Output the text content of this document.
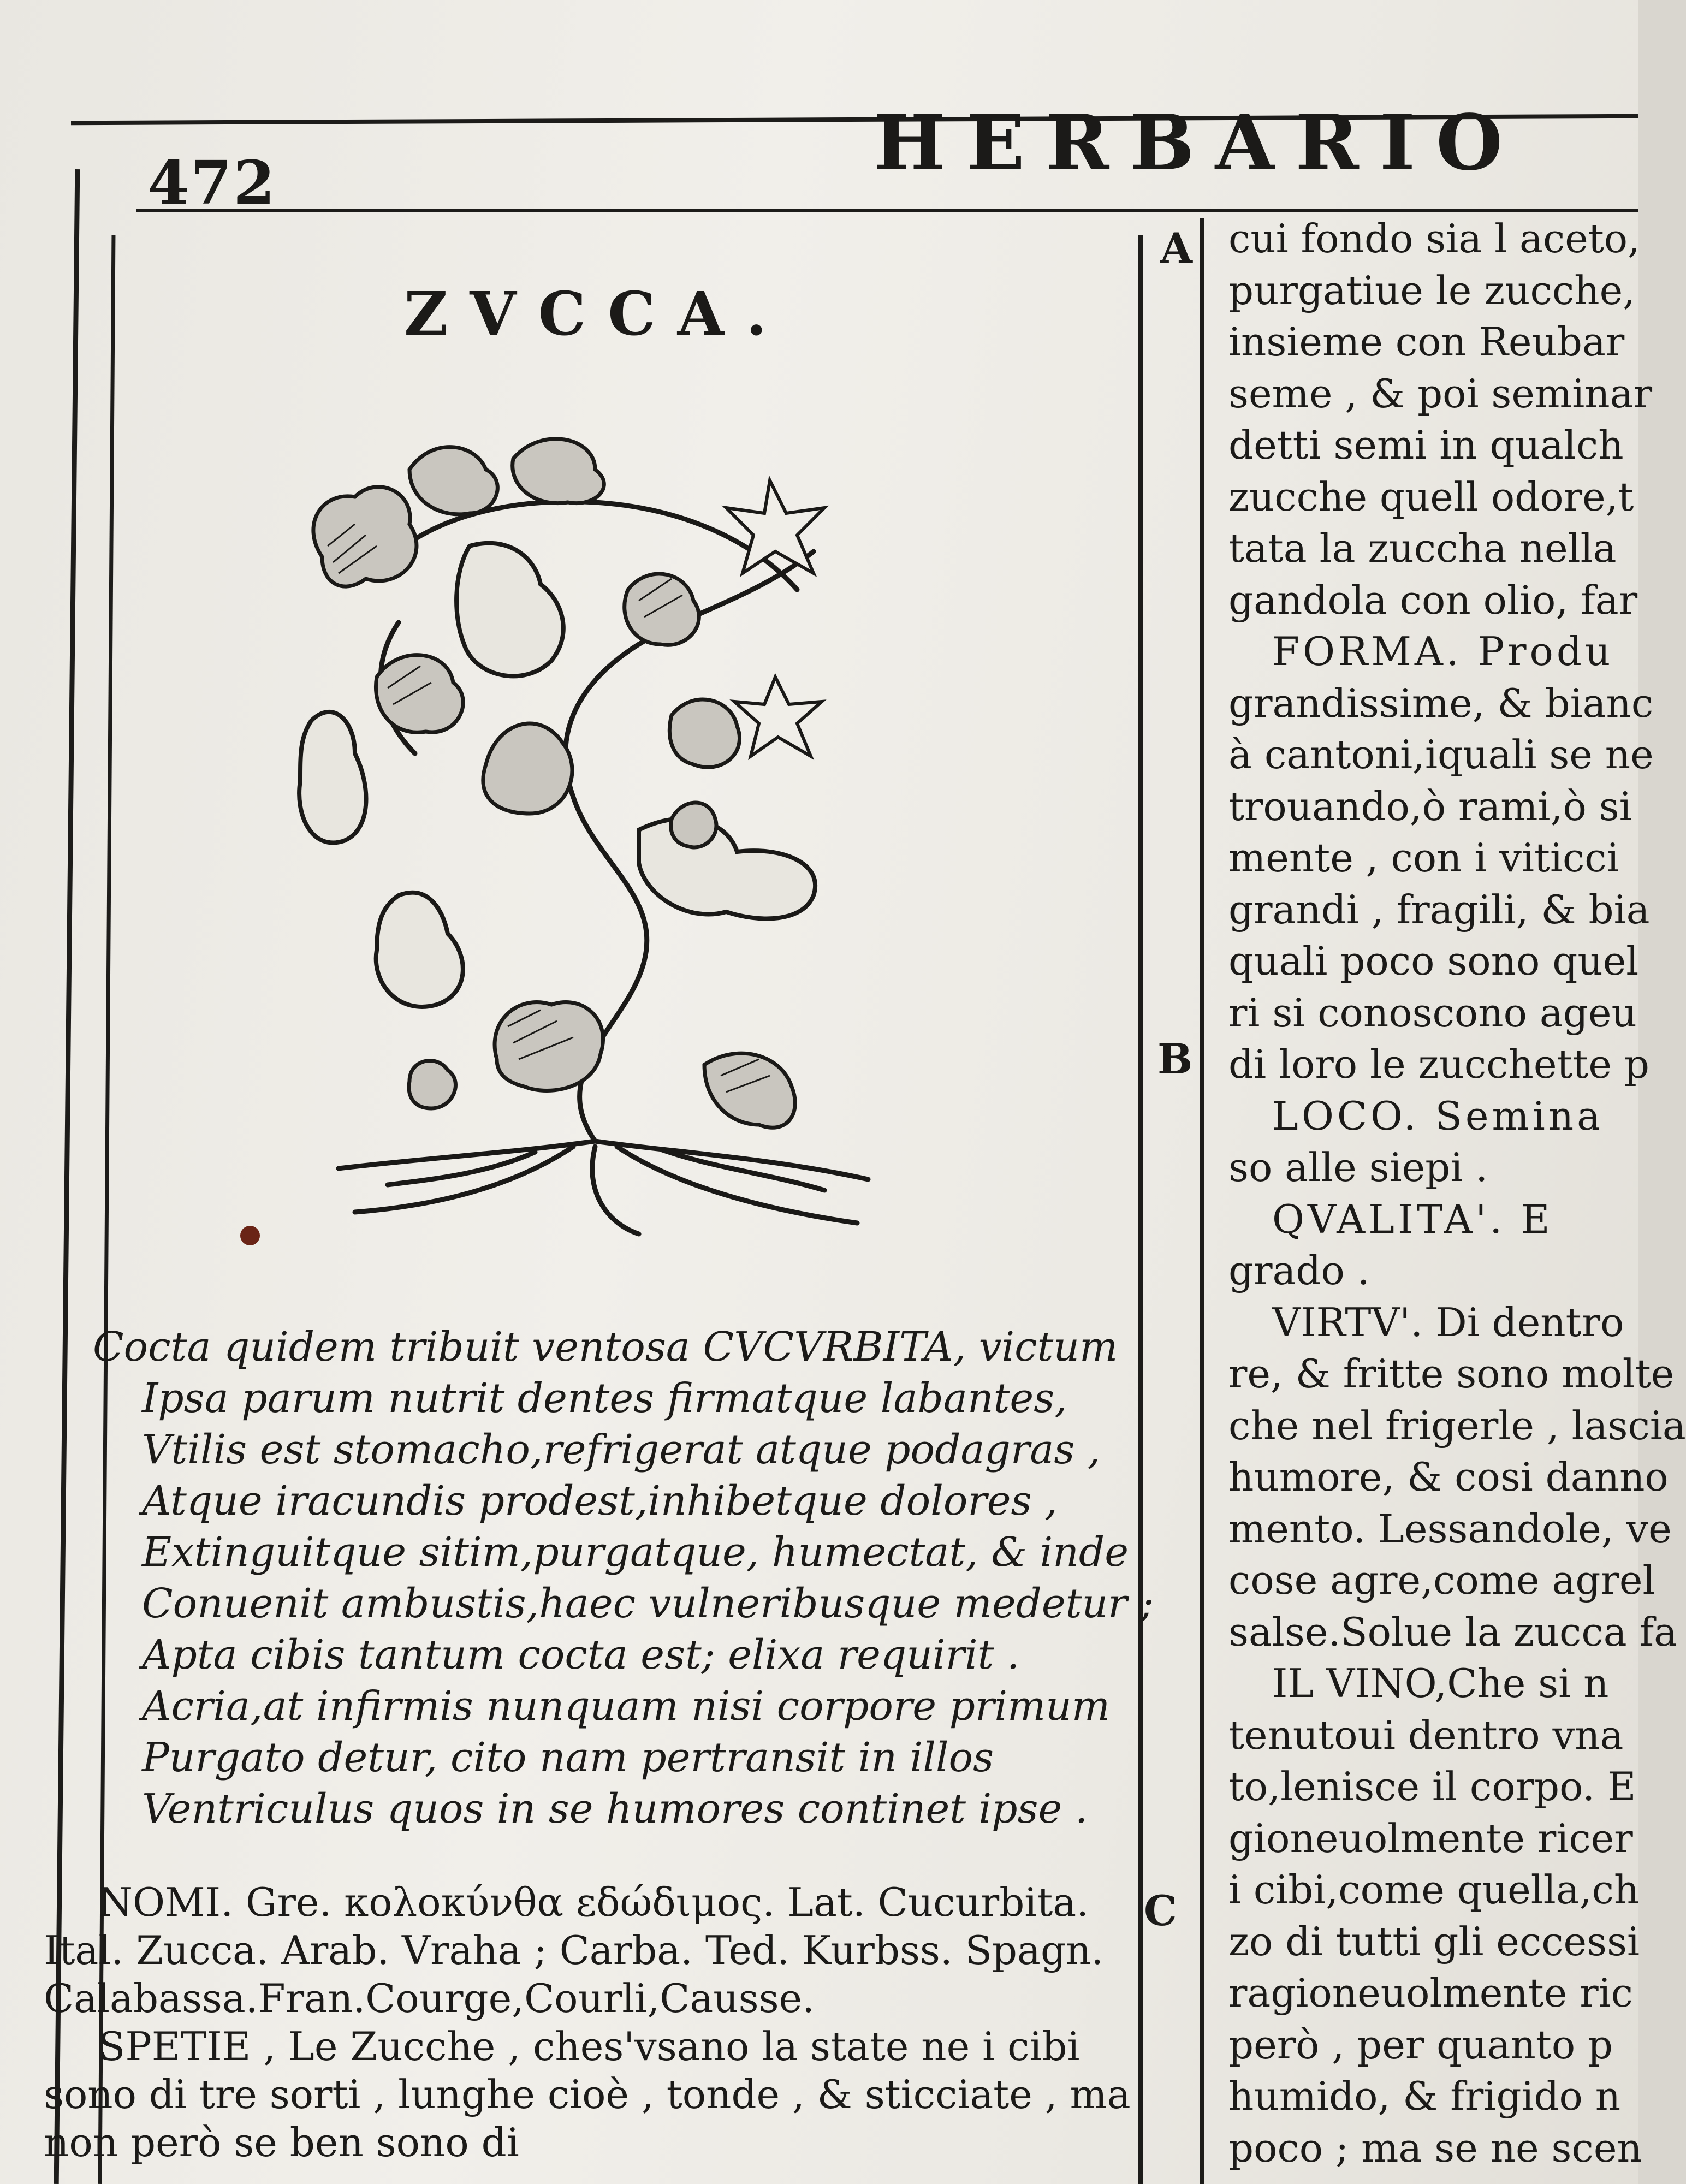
472	HERBARIO
ZVCCA.
Cocta quidem tribuit ventosa CVCVRBITA, victum
Ipsa parum nutrit dentes firmatque labantes,
Vtilis est stomacho,refrigerat atque podagras ,
Atque iracundis prodest,inhibetque dolores ,
Extinguitque sitim,purgatque, humectat, & inde
Conuenit ambustis,haec vulneribusque medetur ;
Apta cibis tantum cocta est; elixa requirit .
Acria,at infirmis nunquam nisi corpore primum
Purgato detur, cito nam pertransit in illos
Ventriculus quos in se humores continet ipse .
NOMI. Gre. κολοκύνθα εδώδιμος. Lat. Cucurbita.
Ital. Zucca. Arab. Vraha ; Carba. Ted. Kurbss. Spagn.
Calabassa.Fran.Courge,Courli,Causse.
SPETIE , Le Zucche , ches'vsano la state ne i cibi
sono di tre sorti , lunghe cioè , tonde , & sticciate , ma
non però se ben sono di
A
B
C
cui fondo sia l aceto,
purgatiue le zucche,
insieme con Reubar
seme , & poi seminar
detti semi in qualch
zucche quell odore,t
tata la zuccha nella
gandola con olio, far
FORMA. Produ
grandissime, & bianc
à cantoni,iquali se ne
trouando,ò rami,ò si
mente , con i viticci
grandi , fragili, & bia
quali poco sono quel
ri si conoscono ageu
di loro le zucchette p
LOCO. Semina
so alle siepi .
QVALITA'. E
grado .
VIRTV'. Di dentro
re, & fritte sono molte
che nel frigerle , lascia
humore, & cosi danno
mento. Lessandole, ve
cose agre,come agrel
salse.Solue la zucca fa
IL VINO,Che si n
tenutoui dentro vna
to,lenisce il corpo. E
gioneuolmente ricer
i cibi,come quella,ch
zo di tutti gli eccessi
ragioneuolmente ric
però , per quanto p
humido, & frigido n
poco ; ma se ne scen
